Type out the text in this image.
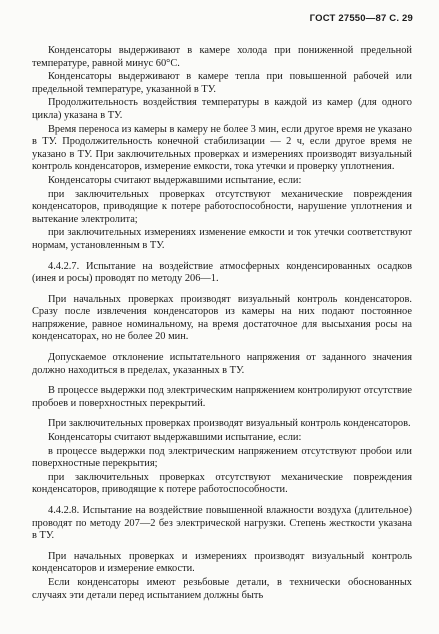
ГОСТ 27550—87 С. 29

Конденсаторы выдерживают в камере холода при пониженной предельной температуре, равной минус 60°С.

Конденсаторы выдерживают в камере тепла при повышенной рабочей или предельной температуре, указанной в ТУ.

Продолжительность воздействия температуры в каждой из камер (для одного цикла) указана в ТУ.

Время переноса из камеры в камеру не более 3 мин, если другое время не указано в ТУ. Продолжительность конечной стабилизации — 2 ч, если другое время не указано в ТУ. При заключительных проверках и измерениях производят визуальный контроль конденсаторов, измерение емкости, тока утечки и проверку уплотнения.

Конденсаторы считают выдержавшими испытание, если:

при заключительных проверках отсутствуют механические повреждения конденсаторов, приводящие к потере работоспособности, нарушение уплотнения и вытекание электролита;

при заключительных измерениях изменение емкости и ток утечки соответствуют нормам, установленным в ТУ.

4.4.2.7. Испытание на воздействие атмосферных конденсированных осадков (инея и росы) проводят по методу 206—1.

При начальных проверках производят визуальный контроль конденсаторов. Сразу после извлечения конденсаторов из камеры на них подают постоянное напряжение, равное номинальному, на время достаточное для высыхания росы на конденсаторах, но не более 20 мин.

Допускаемое отклонение испытательного напряжения от заданного значения должно находиться в пределах, указанных в ТУ.

В процессе выдержки под электрическим напряжением контролируют отсутствие пробоев и поверхностных перекрытий.

При заключительных проверках производят визуальный контроль конденсаторов.

Конденсаторы считают выдержавшими испытание, если:

в процессе выдержки под электрическим напряжением отсутствуют пробои или поверхностные перекрытия;

при заключительных проверках отсутствуют механические повреждения конденсаторов, приводящие к потере работоспособности.

4.4.2.8. Испытание на воздействие повышенной влажности воздуха (длительное) проводят по методу 207—2 без электрической нагрузки. Степень жесткости указана в ТУ.

При начальных проверках и измерениях производят визуальный контроль конденсаторов и измерение емкости.

Если конденсаторы имеют резьбовые детали, в технически обоснованных случаях эти детали перед испытанием должны быть
